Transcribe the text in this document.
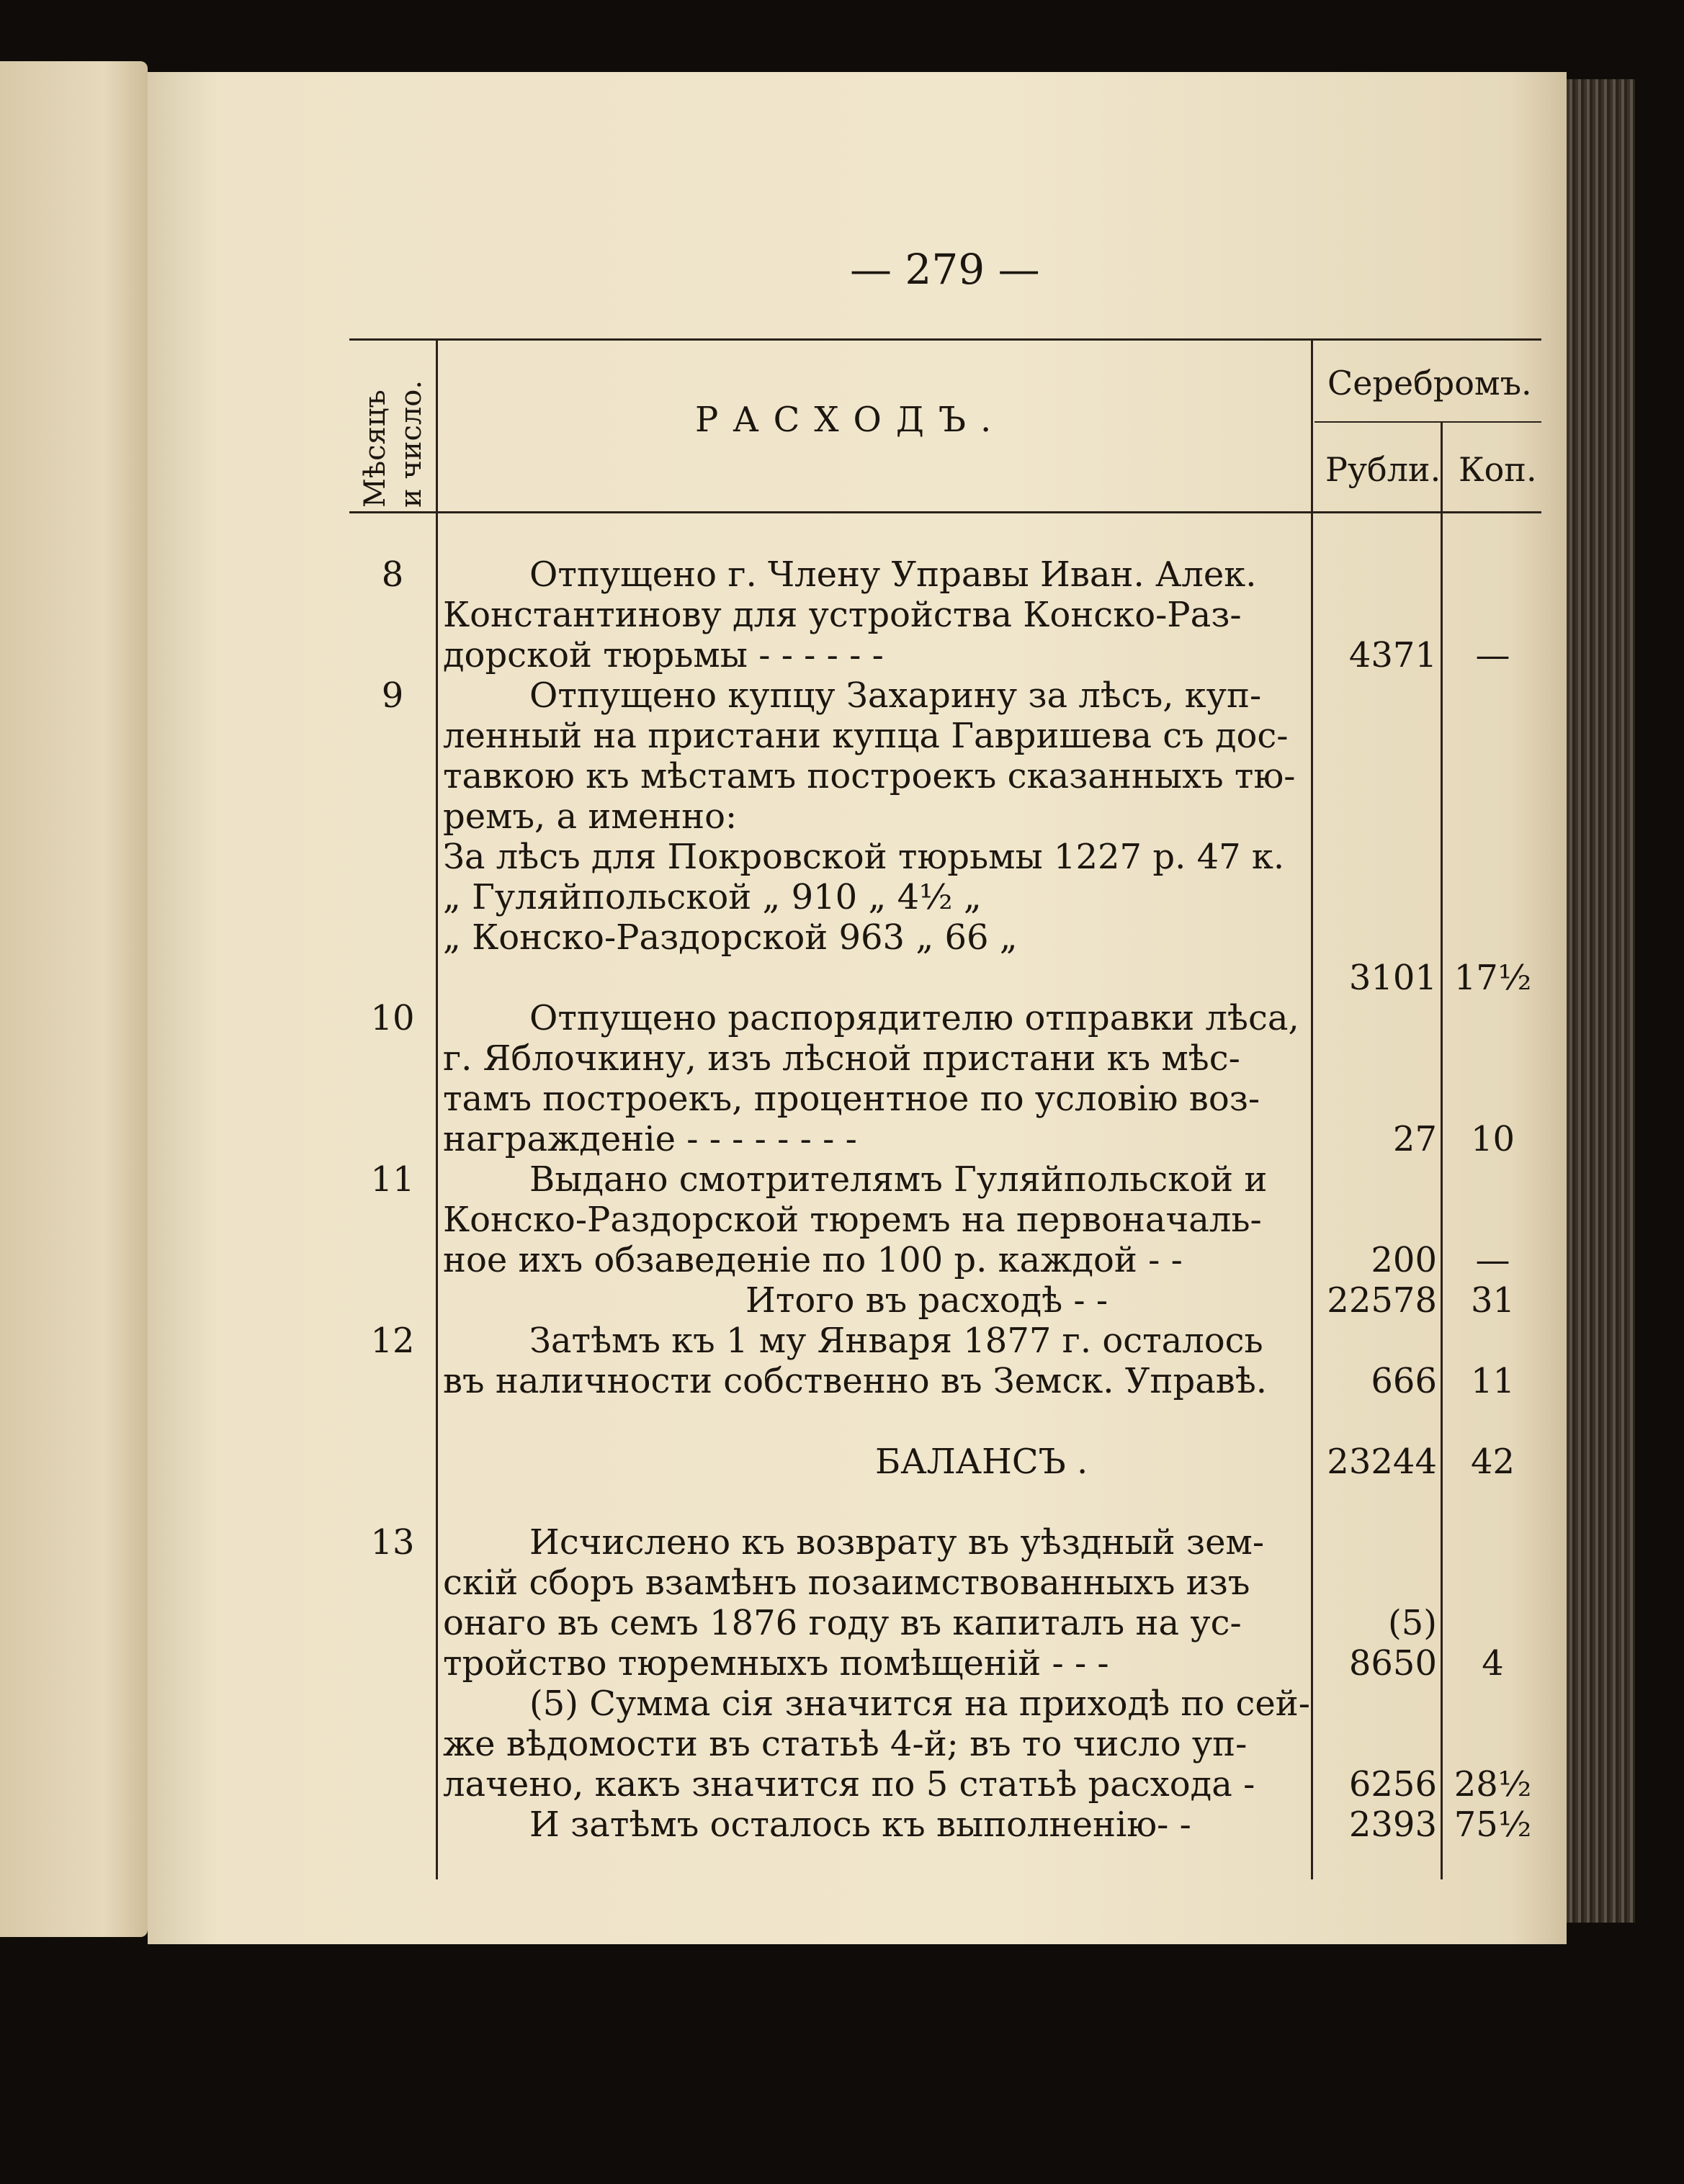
— 279 —
Мѣсяцъ и число.	РАСХОДЪ.
Серебромъ.
Рубли. Коп.
8	Отпущено г. Члену Управы Иван. Алек.
Константинову для устройства Конско-Раз-
дорской тюрьмы - - - - - -	4371	—
9	Отпущено купцу Захарину за лѣсъ, куп-
ленный на пристани купца Гавришева съ дос-
тавкою къ мѣстамъ построекъ сказанныхъ тю-
ремъ, а именно:
За лѣсъ для Покровской тюрьмы 1227 р. 47 к.
„ Гуляйпольской „ 910 „ 4½ „
„ Конско-Раздорской 963 „ 66 „
3101 17½
10	Отпущено распорядителю отправки лѣса,
г. Яблочкину, изъ лѣсной пристани къ мѣс-
тамъ построекъ, процентное по условію воз-
награжденіе - - - - - - - -	27 10
11	Выдано смотрителямъ Гуляйпольской и
Конско-Раздорской тюремъ на первоначаль-
ное ихъ обзаведеніе по 100 р. каждой - -	200	—
Итого въ расходѣ - -	22578 31
12	Затѣмъ къ 1 му Января 1877 г. осталось
въ наличности собственно въ Земск. Управѣ.	666 11
БАЛАНСЪ .	23244 42
13	Исчислено къ возврату въ уѣздный зем-
скій сборъ взамѣнъ позаимствованныхъ изъ
онаго въ семъ 1876 году въ капиталъ на ус-	(5)
тройство тюремныхъ помѣщеній - - -	8650	4
(5) Сумма сія значится на приходѣ по сей-
же вѣдомости въ статьѣ 4-й; въ то число уп-
лачено, какъ значится по 5 статьѣ расхода -	6256 28½
И затѣмъ осталось къ выполненію- -	2393 75½
